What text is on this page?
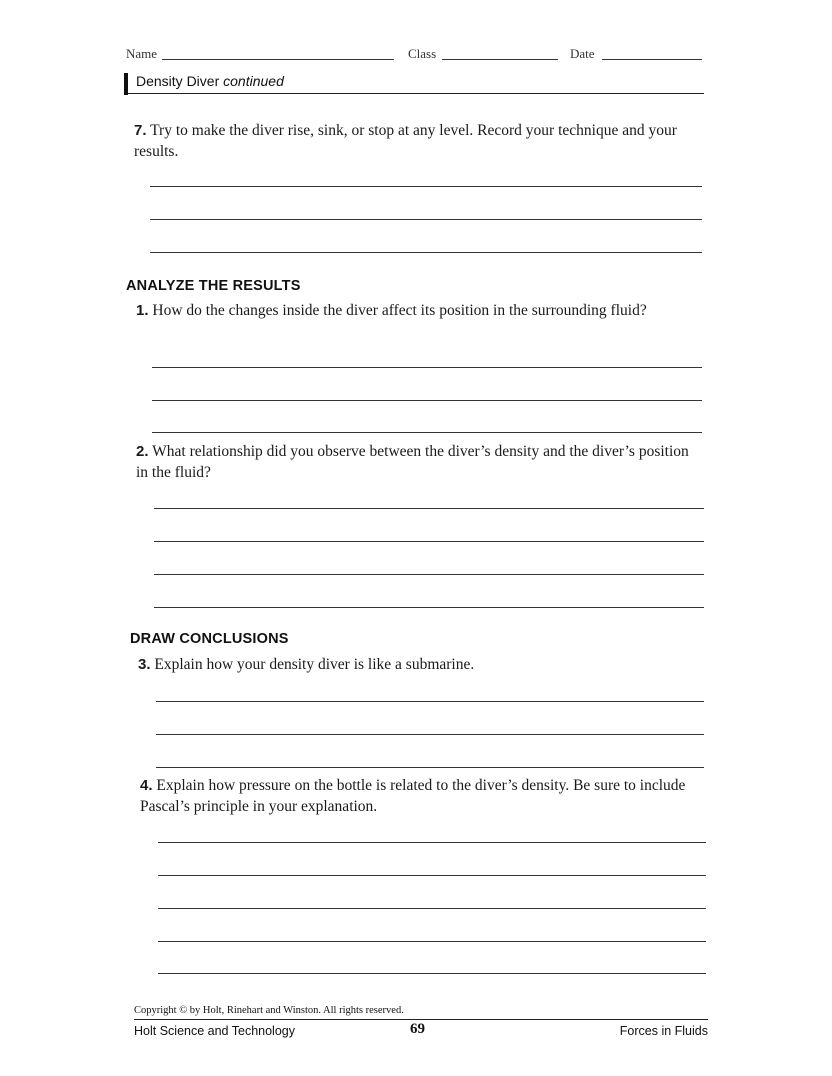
Name	Class	Date
Density Diver continued
7. Try to make the diver rise, sink, or stop at any level. Record your technique and your results.
ANALYZE THE RESULTS
1. How do the changes inside the diver affect its position in the surrounding fluid?
2. What relationship did you observe between the diver’s density and the diver’s position in the fluid?
DRAW CONCLUSIONS
3. Explain how your density diver is like a submarine.
4. Explain how pressure on the bottle is related to the diver’s density. Be sure to include Pascal’s principle in your explanation.
Copyright © by Holt, Rinehart and Winston. All rights reserved.
Holt Science and Technology	69	Forces in Fluids
